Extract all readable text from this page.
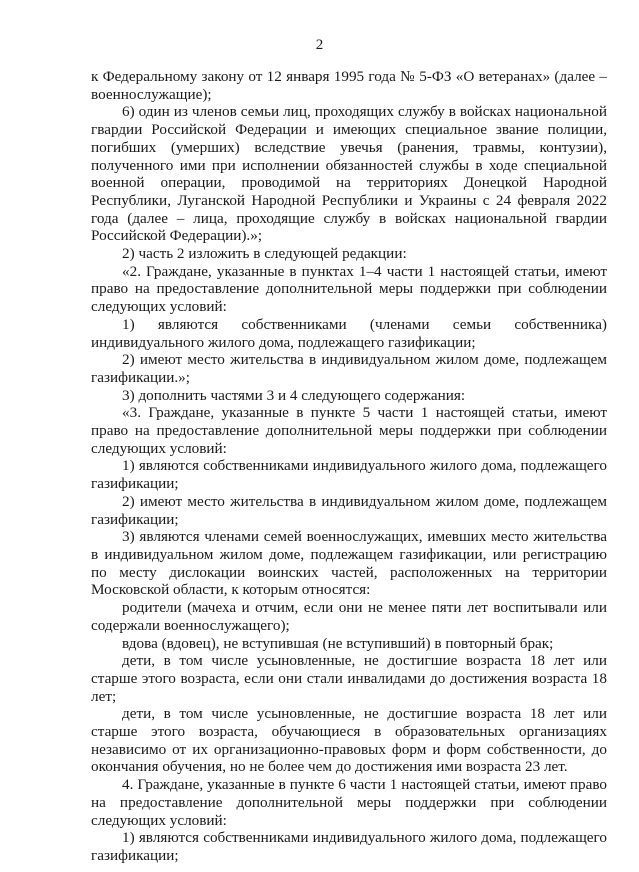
2

к Федеральному закону от 12 января 1995 года № 5-ФЗ «О ветеранах» (далее – военнослужащие);

6) один из членов семьи лиц, проходящих службу в войсках национальной гвардии Российской Федерации и имеющих специальное звание полиции, погибших (умерших) вследствие увечья (ранения, травмы, контузии), полученного ими при исполнении обязанностей службы в ходе специальной военной операции, проводимой на территориях Донецкой Народной Республики, Луганской Народной Республики и Украины с 24 февраля 2022 года (далее – лица, проходящие службу в войсках национальной гвардии Российской Федерации).»;

2) часть 2 изложить в следующей редакции:

«2. Граждане, указанные в пунктах 1–4 части 1 настоящей статьи, имеют право на предоставление дополнительной меры поддержки при соблюдении следующих условий:

1) являются собственниками (членами семьи собственника) индивидуального жилого дома, подлежащего газификации;

2) имеют место жительства в индивидуальном жилом доме, подлежащем газификации.»;

3) дополнить частями 3 и 4 следующего содержания:

«3. Граждане, указанные в пункте 5 части 1 настоящей статьи, имеют право на предоставление дополнительной меры поддержки при соблюдении следующих условий:

1) являются собственниками индивидуального жилого дома, подлежащего газификации;

2) имеют место жительства в индивидуальном жилом доме, подлежащем газификации;

3) являются членами семей военнослужащих, имевших место жительства в индивидуальном жилом доме, подлежащем газификации, или регистрацию по месту дислокации воинских частей, расположенных на территории Московской области, к которым относятся:

родители (мачеха и отчим, если они не менее пяти лет воспитывали или содержали военнослужащего);

вдова (вдовец), не вступившая (не вступивший) в повторный брак;

дети, в том числе усыновленные, не достигшие возраста 18 лет или старше этого возраста, если они стали инвалидами до достижения возраста 18 лет;

дети, в том числе усыновленные, не достигшие возраста 18 лет или старше этого возраста, обучающиеся в образовательных организациях независимо от их организационно-правовых форм и форм собственности, до окончания обучения, но не более чем до достижения ими возраста 23 лет.

4. Граждане, указанные в пункте 6 части 1 настоящей статьи, имеют право на предоставление дополнительной меры поддержки при соблюдении следующих условий:

1) являются собственниками индивидуального жилого дома, подлежащего газификации;
